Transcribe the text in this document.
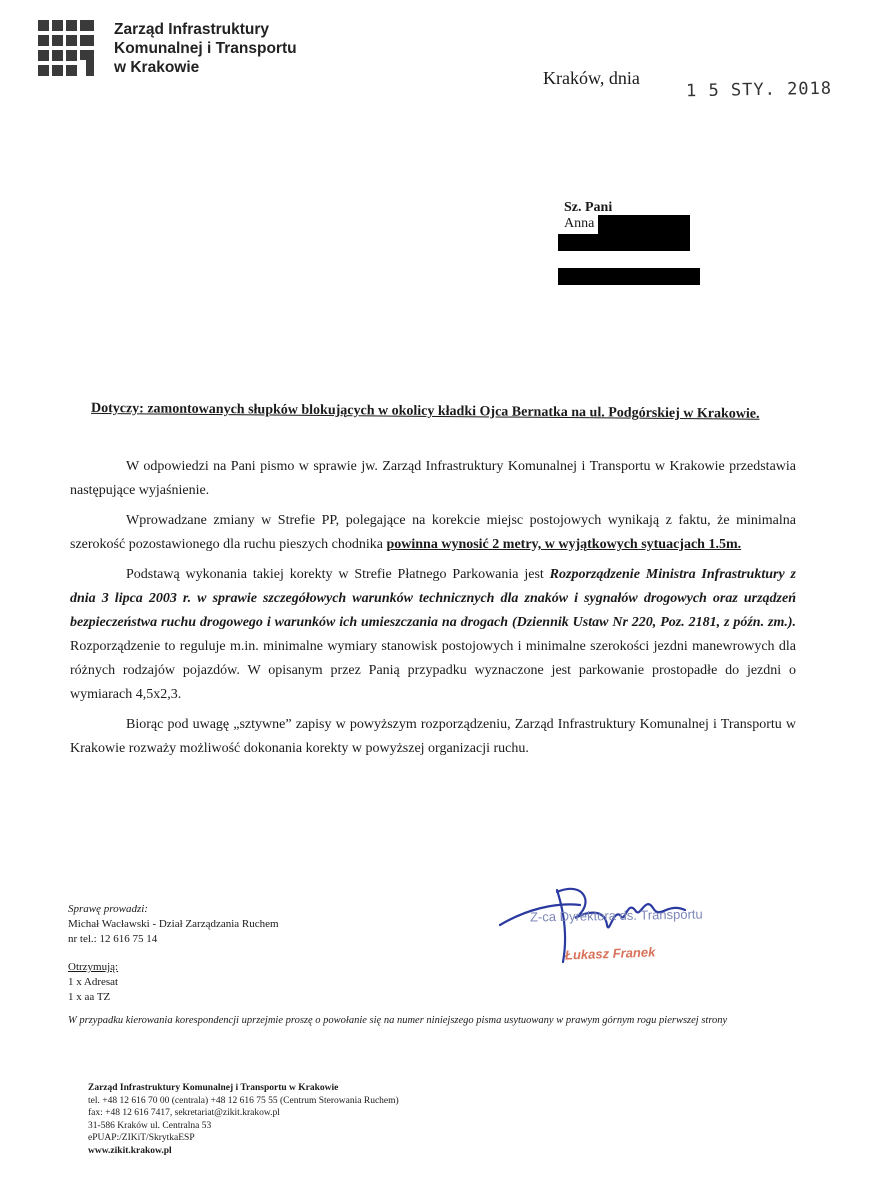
Zarząd Infrastruktury
Komunalnej i Transportu
w Krakowie
Kraków, dnia
1 5 STY. 2018
Sz. Pani
Anna
Dotyczy: zamontowanych słupków blokujących w okolicy kładki Ojca Bernatka na ul. Podgórskiej w Krakowie.

W odpowiedzi na Pani pismo w sprawie jw. Zarząd Infrastruktury Komunalnej i Transportu w Krakowie przedstawia następujące wyjaśnienie.

Wprowadzane zmiany w Strefie PP, polegające na korekcie miejsc postojowych wynikają z faktu, że minimalna szerokość pozostawionego dla ruchu pieszych chodnika powinna wynosić 2 metry, w wyjątkowych sytuacjach 1.5m.

Podstawą wykonania takiej korekty w Strefie Płatnego Parkowania jest Rozporządzenie Ministra Infrastruktury z dnia 3 lipca 2003 r. w sprawie szczegółowych warunków technicznych dla znaków i sygnałów drogowych oraz urządzeń bezpieczeństwa ruchu drogowego i warunków ich umieszczania na drogach (Dziennik Ustaw Nr 220, Poz. 2181, z późn. zm.). Rozporządzenie to reguluje m.in. minimalne wymiary stanowisk postojowych i minimalne szerokości jezdni manewrowych dla różnych rodzajów pojazdów. W opisanym przez Panią przypadku wyznaczone jest parkowanie prostopadłe do jezdni o wymiarach 4,5x2,3.

Biorąc pod uwagę „sztywne” zapisy w powyższym rozporządzeniu, Zarząd Infrastruktury Komunalnej i Transportu w Krakowie rozważy możliwość dokonania korekty w powyższej organizacji ruchu.

Z-ca Dyrektora ds. Transportu
Łukasz Franek
Sprawę prowadzi:
Michał Wacławski - Dział Zarządzania Ruchem
nr tel.: 12 616 75 14
Otrzymują:
1 x Adresat
1 x aa TZ
W przypadku kierowania korespondencji uprzejmie proszę o powołanie się na numer niniejszego pisma usytuowany w prawym górnym rogu pierwszej strony
Zarząd Infrastruktury Komunalnej i Transportu w Krakowie
tel. +48 12 616 70 00 (centrala) +48 12 616 75 55 (Centrum Sterowania Ruchem)
fax: +48 12 616 7417, sekretariat@zikit.krakow.pl
31-586 Kraków ul. Centralna 53
ePUAP:/ZIKiT/SkrytkaESP
www.zikit.krakow.pl
